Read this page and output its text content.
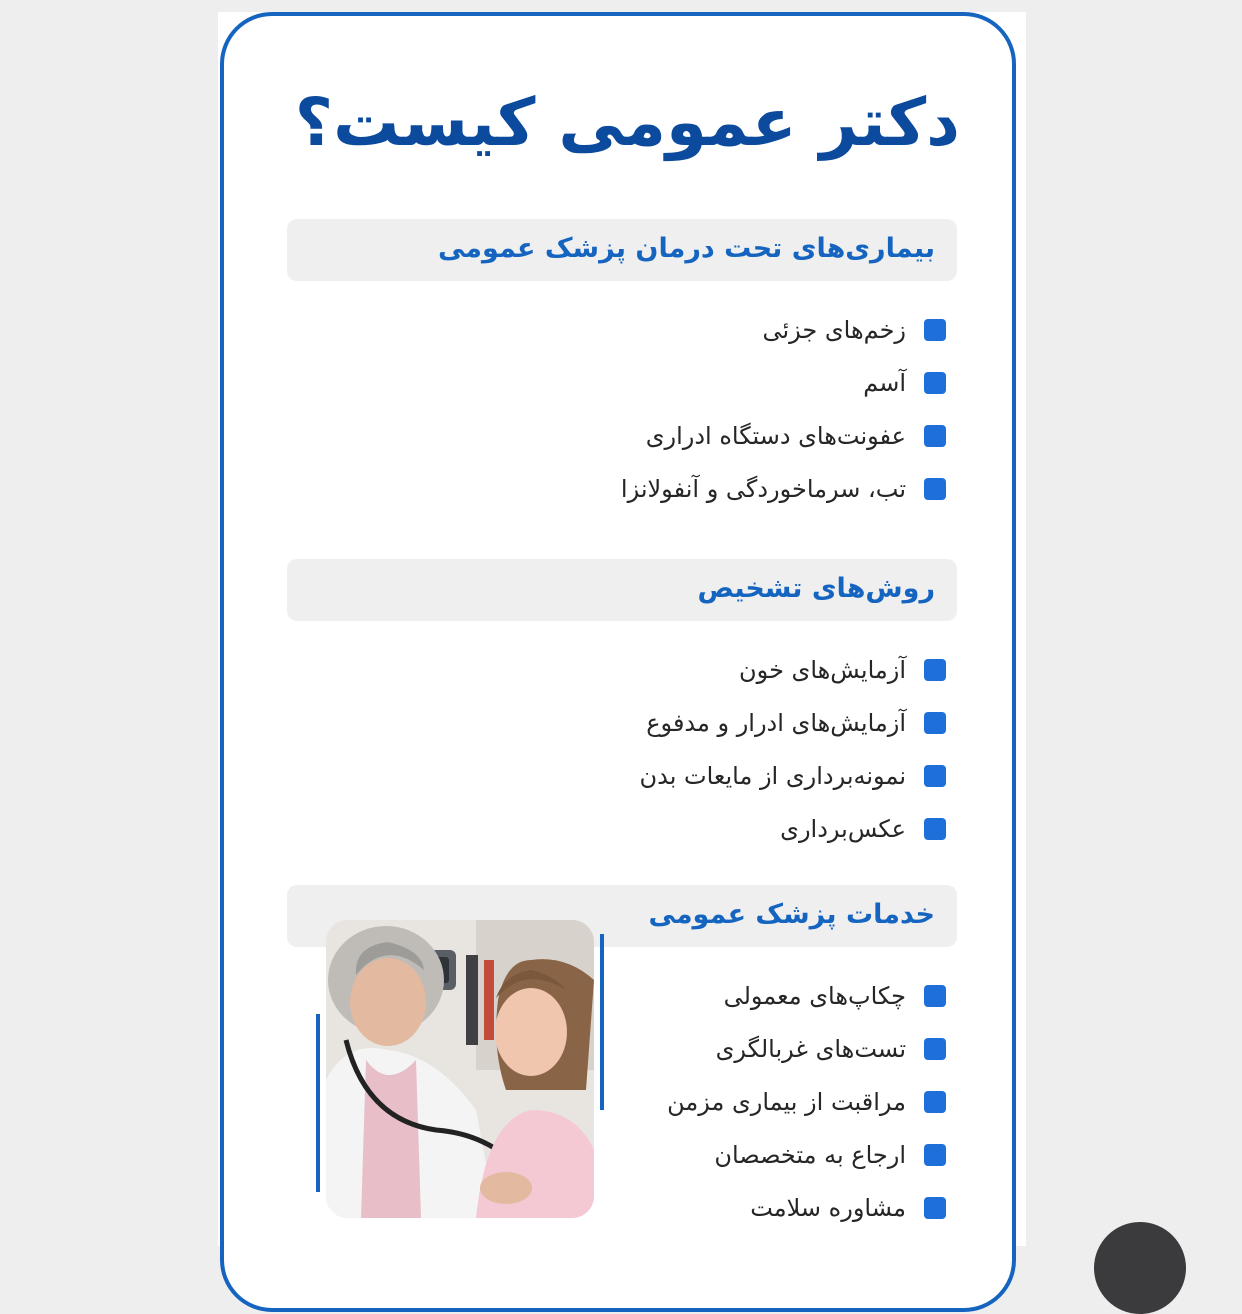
دکتر عمومی کیست؟
بیماری‌های تحت درمان پزشک عمومی
زخم‌های جزئی
آسم
عفونت‌های دستگاه ادراری
تب، سرماخوردگی و آنفولانزا
روش‌های تشخیص
آزمایش‌های خون
آزمایش‌های ادرار و مدفوع
نمونه‌برداری از مایعات بدن
عکس‌برداری
خدمات پزشک عمومی
چکاپ‌های معمولی
تست‌های غربالگری
مراقبت از بیماری مزمن
ارجاع به متخصصان
مشاوره سلامت
